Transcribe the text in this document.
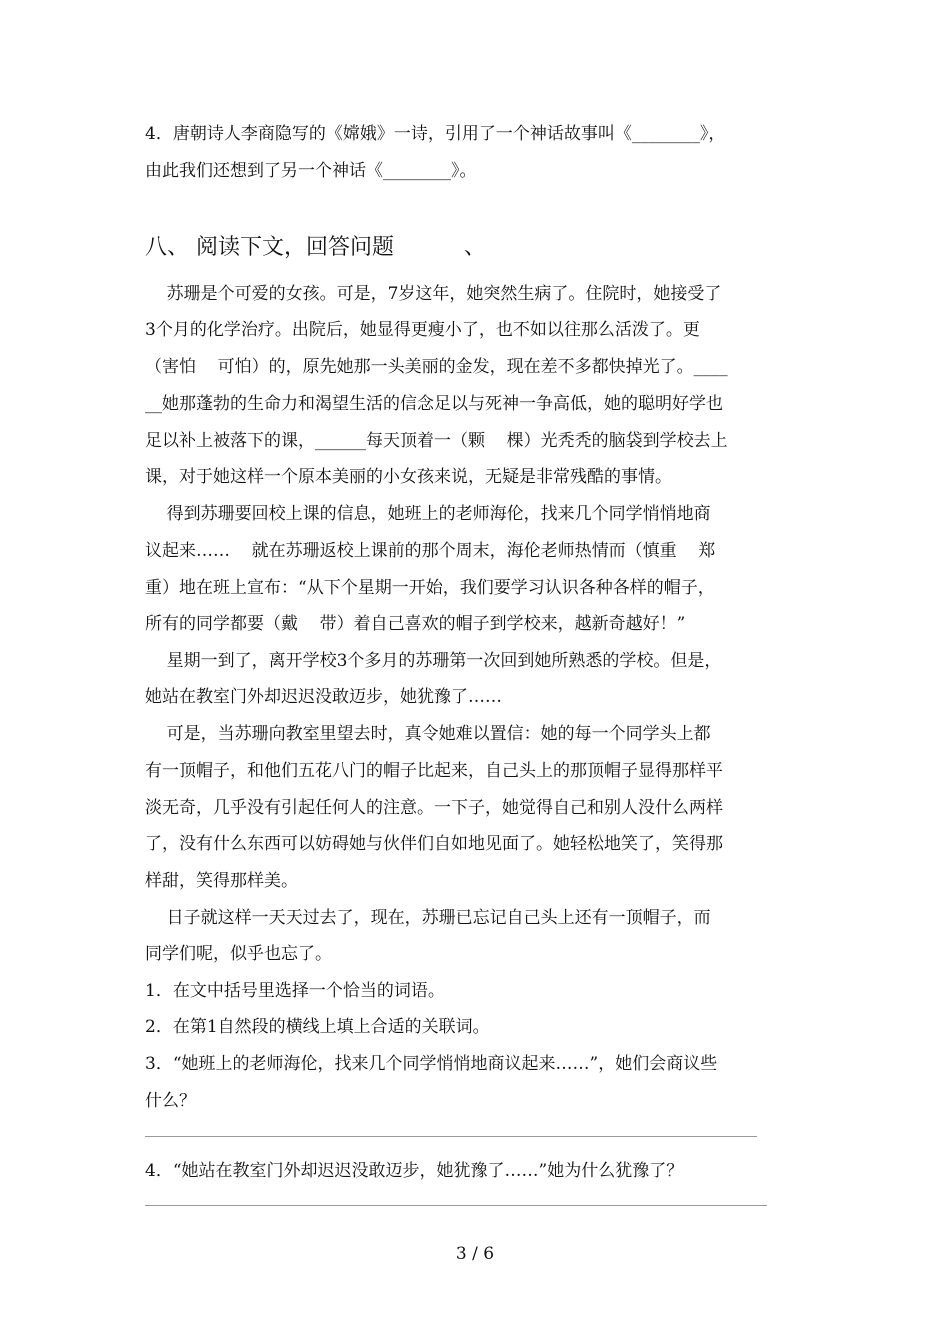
4．唐朝诗人李商隐写的《嫦娥》一诗，引用了一个神话故事叫《________》，
由此我们还想到了另一个神话《________》。
八、 阅读下文，回答问题          、
苏珊是个可爱的女孩。可是，7岁这年，她突然生病了。住院时，她接受了
3个月的化学治疗。出院后，她显得更瘦小了，也不如以往那么活泼了。更
（害怕    可怕）的，原先她那一头美丽的金发，现在差不多都快掉光了。____
__她那蓬勃的生命力和渴望生活的信念足以与死神一争高低，她的聪明好学也
足以补上被落下的课，______每天顶着一（颗    棵）光秃秃的脑袋到学校去上
课，对于她这样一个原本美丽的小女孩来说，无疑是非常残酷的事情。
得到苏珊要回校上课的信息，她班上的老师海伦，找来几个同学悄悄地商
议起来……    就在苏珊返校上课前的那个周末，海伦老师热情而（慎重    郑
重）地在班上宣布：“从下个星期一开始，我们要学习认识各种各样的帽子，
所有的同学都要（戴    带）着自己喜欢的帽子到学校来，越新奇越好！”
星期一到了，离开学校3个多月的苏珊第一次回到她所熟悉的学校。但是，
她站在教室门外却迟迟没敢迈步，她犹豫了……
可是，当苏珊向教室里望去时，真令她难以置信：她的每一个同学头上都
有一顶帽子，和他们五花八门的帽子比起来，自己头上的那顶帽子显得那样平
淡无奇，几乎没有引起任何人的注意。一下子，她觉得自己和别人没什么两样
了，没有什么东西可以妨碍她与伙伴们自如地见面了。她轻松地笑了，笑得那
样甜，笑得那样美。
日子就这样一天天过去了，现在，苏珊已忘记自己头上还有一顶帽子，而
同学们呢，似乎也忘了。
1．在文中括号里选择一个恰当的词语。
2．在第1自然段的横线上填上合适的关联词。
3．“她班上的老师海伦，找来几个同学悄悄地商议起来……”，她们会商议些
什么？
4．“她站在教室门外却迟迟没敢迈步，她犹豫了……”她为什么犹豫了？
3 / 6
